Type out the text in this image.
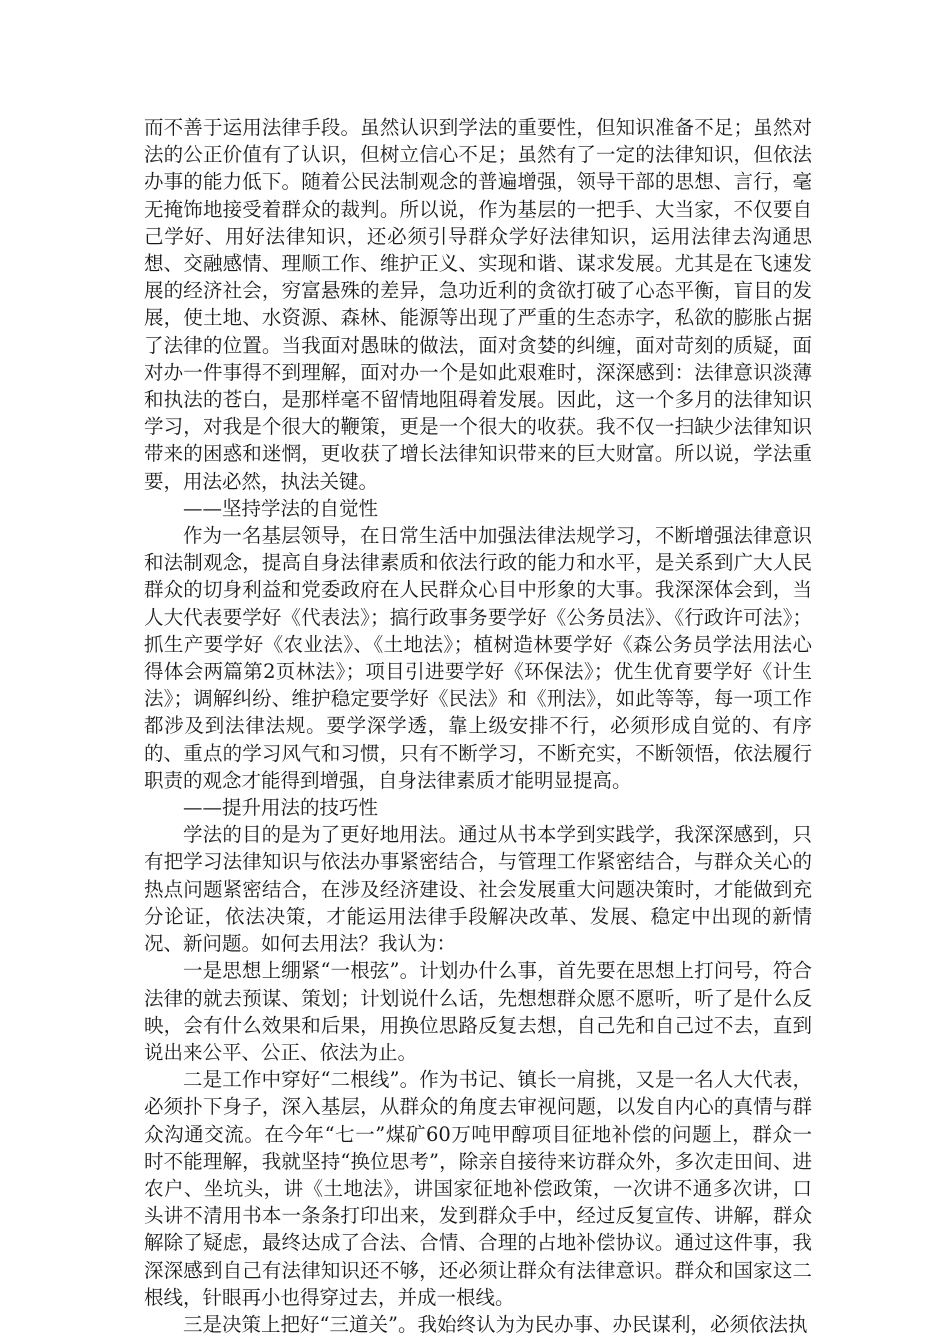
而不善于运用法律手段。虽然认识到学法的重要性，但知识准备不足；虽然对法的公正价值有了认识，但树立信心不足；虽然有了一定的法律知识，但依法办事的能力低下。随着公民法制观念的普遍增强，领导干部的思想、言行，毫无掩饰地接受着群众的裁判。所以说，作为基层的一把手、大当家，不仅要自己学好、用好法律知识，还必须引导群众学好法律知识，运用法律去沟通思想、交融感情、理顺工作、维护正义、实现和谐、谋求发展。尤其是在飞速发展的经济社会，穷富悬殊的差异，急功近利的贪欲打破了心态平衡，盲目的发展，使土地、水资源、森林、能源等出现了严重的生态赤字，私欲的膨胀占据了法律的位置。当我面对愚昧的做法，面对贪婪的纠缠，面对苛刻的质疑，面对办一件事得不到理解，面对办一个是如此艰难时，深深感到：法律意识淡薄和执法的苍白，是那样毫不留情地阻碍着发展。因此，这一个多月的法律知识学习，对我是个很大的鞭策，更是一个很大的收获。我不仅一扫缺少法律知识带来的困惑和迷惘，更收获了增长法律知识带来的巨大财富。所以说，学法重要，用法必然，执法关键。

——坚持学法的自觉性

作为一名基层领导，在日常生活中加强法律法规学习，不断增强法律意识和法制观念，提高自身法律素质和依法行政的能力和水平，是关系到广大人民群众的切身利益和党委政府在人民群众心目中形象的大事。我深深体会到，当人大代表要学好《代表法》；搞行政事务要学好《公务员法》、《行政许可法》；抓生产要学好《农业法》、《土地法》；植树造林要学好《森公务员学法用法心得体会两篇第2页林法》；项目引进要学好《环保法》；优生优育要学好《计生法》；调解纠纷、维护稳定要学好《民法》和《刑法》，如此等等，每一项工作都涉及到法律法规。要学深学透，靠上级安排不行，必须形成自觉的、有序的、重点的学习风气和习惯，只有不断学习，不断充实，不断领悟，依法履行职责的观念才能得到增强，自身法律素质才能明显提高。

——提升用法的技巧性

学法的目的是为了更好地用法。通过从书本学到实践学，我深深感到，只有把学习法律知识与依法办事紧密结合，与管理工作紧密结合，与群众关心的热点问题紧密结合，在涉及经济建设、社会发展重大问题决策时，才能做到充分论证，依法决策，才能运用法律手段解决改革、发展、稳定中出现的新情况、新问题。如何去用法？我认为：

一是思想上绷紧“一根弦”。计划办什么事，首先要在思想上打问号，符合法律的就去预谋、策划；计划说什么话，先想想群众愿不愿听，听了是什么反映，会有什么效果和后果，用换位思路反复去想，自己先和自己过不去，直到说出来公平、公正、依法为止。

二是工作中穿好“二根线”。作为书记、镇长一肩挑，又是一名人大代表，必须扑下身子，深入基层，从群众的角度去审视问题，以发自内心的真情与群众沟通交流。在今年“七一”煤矿60万吨甲醇项目征地补偿的问题上，群众一时不能理解，我就坚持“换位思考”，除亲自接待来访群众外，多次走田间、进农户、坐坑头，讲《土地法》，讲国家征地补偿政策，一次讲不通多次讲，口头讲不清用书本一条条打印出来，发到群众手中，经过反复宣传、讲解，群众解除了疑虑，最终达成了合法、合情、合理的占地补偿协议。通过这件事，我深深感到自己有法律知识还不够，还必须让群众有法律意识。群众和国家这二根线，针眼再小也得穿过去，并成一根线。

三是决策上把好“三道关”。我始终认为为民办事、办民谋利，必须依法执
